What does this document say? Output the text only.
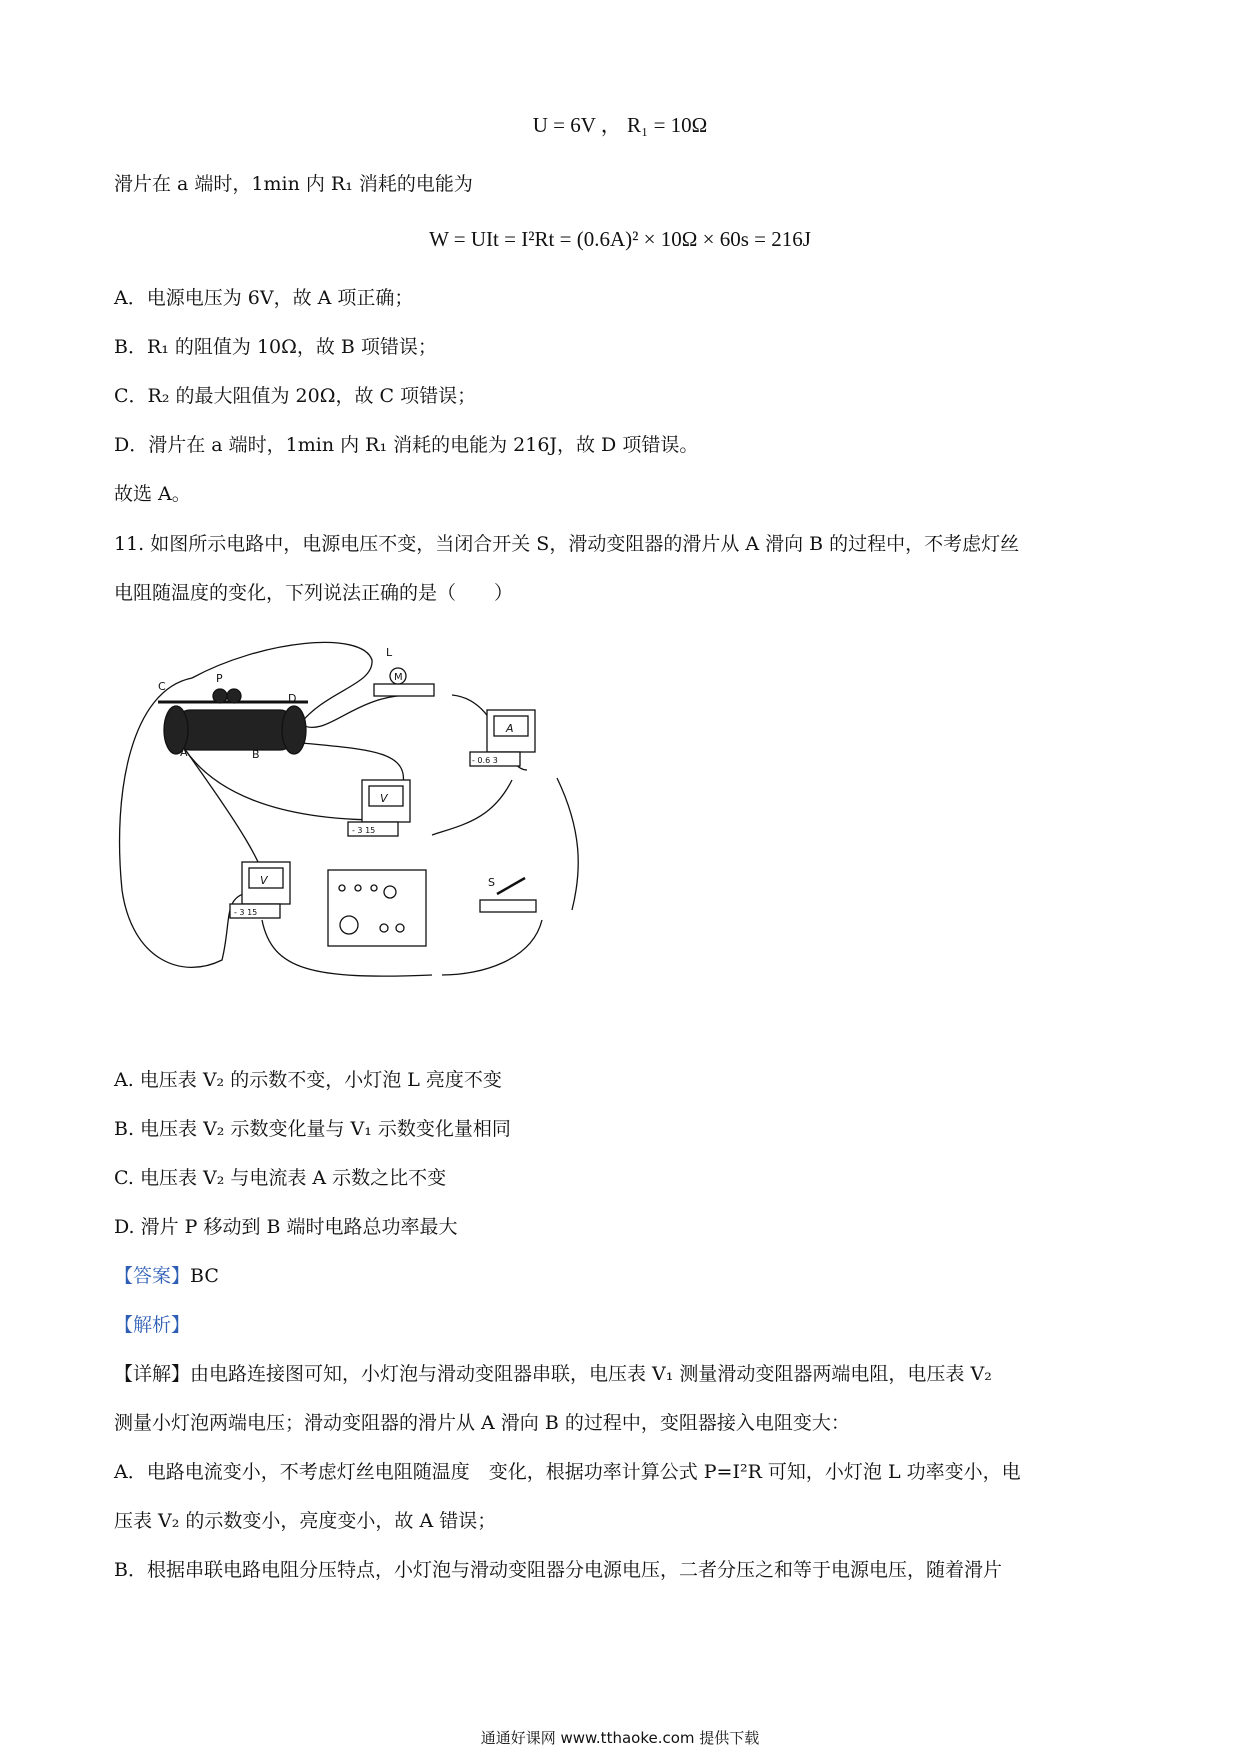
U = 6V ， R₁ = 10Ω
滑片在 a 端时，1min 内 R₁ 消耗的电能为
W = UIt = I²Rt = (0.6A)² × 10Ω × 60s = 216J
A．电源电压为 6V，故 A 项正确；
B．R₁ 的阻值为 10Ω，故 B 项错误；
C．R₂ 的最大阻值为 20Ω，故 C 项错误；
D．滑片在 a 端时，1min 内 R₁ 消耗的电能为 216J，故 D 项错误。
故选 A。
11. 如图所示电路中，电源电压不变，当闭合开关 S，滑动变阻器的滑片从 A 滑向 B 的过程中，不考虑灯丝
电阻随温度的变化，下列说法正确的是（　　）
M
C
P
D
A	B
L
S
A
V
V
- 0.6 3
- 3 15
- 3 15
A. 电压表 V₂ 的示数不变，小灯泡 L 亮度不变
B. 电压表 V₂ 示数变化量与 V₁ 示数变化量相同
C. 电压表 V₂ 与电流表 A 示数之比不变
D. 滑片 P 移动到 B 端时电路总功率最大
【答案】BC
【解析】
【详解】由电路连接图可知，小灯泡与滑动变阻器串联，电压表 V₁ 测量滑动变阻器两端电阻，电压表 V₂
测量小灯泡两端电压；滑动变阻器的滑片从 A 滑向 B 的过程中，变阻器接入电阻变大：
A．电路电流变小，不考虑灯丝电阻随温度　变化，根据功率计算公式 P=I²R 可知，小灯泡 L 功率变小，电
压表 V₂ 的示数变小，亮度变小，故 A 错误；
B．根据串联电路电阻分压特点，小灯泡与滑动变阻器分电源电压，二者分压之和等于电源电压，随着滑片
通通好课网 www.tthaoke.com 提供下载
